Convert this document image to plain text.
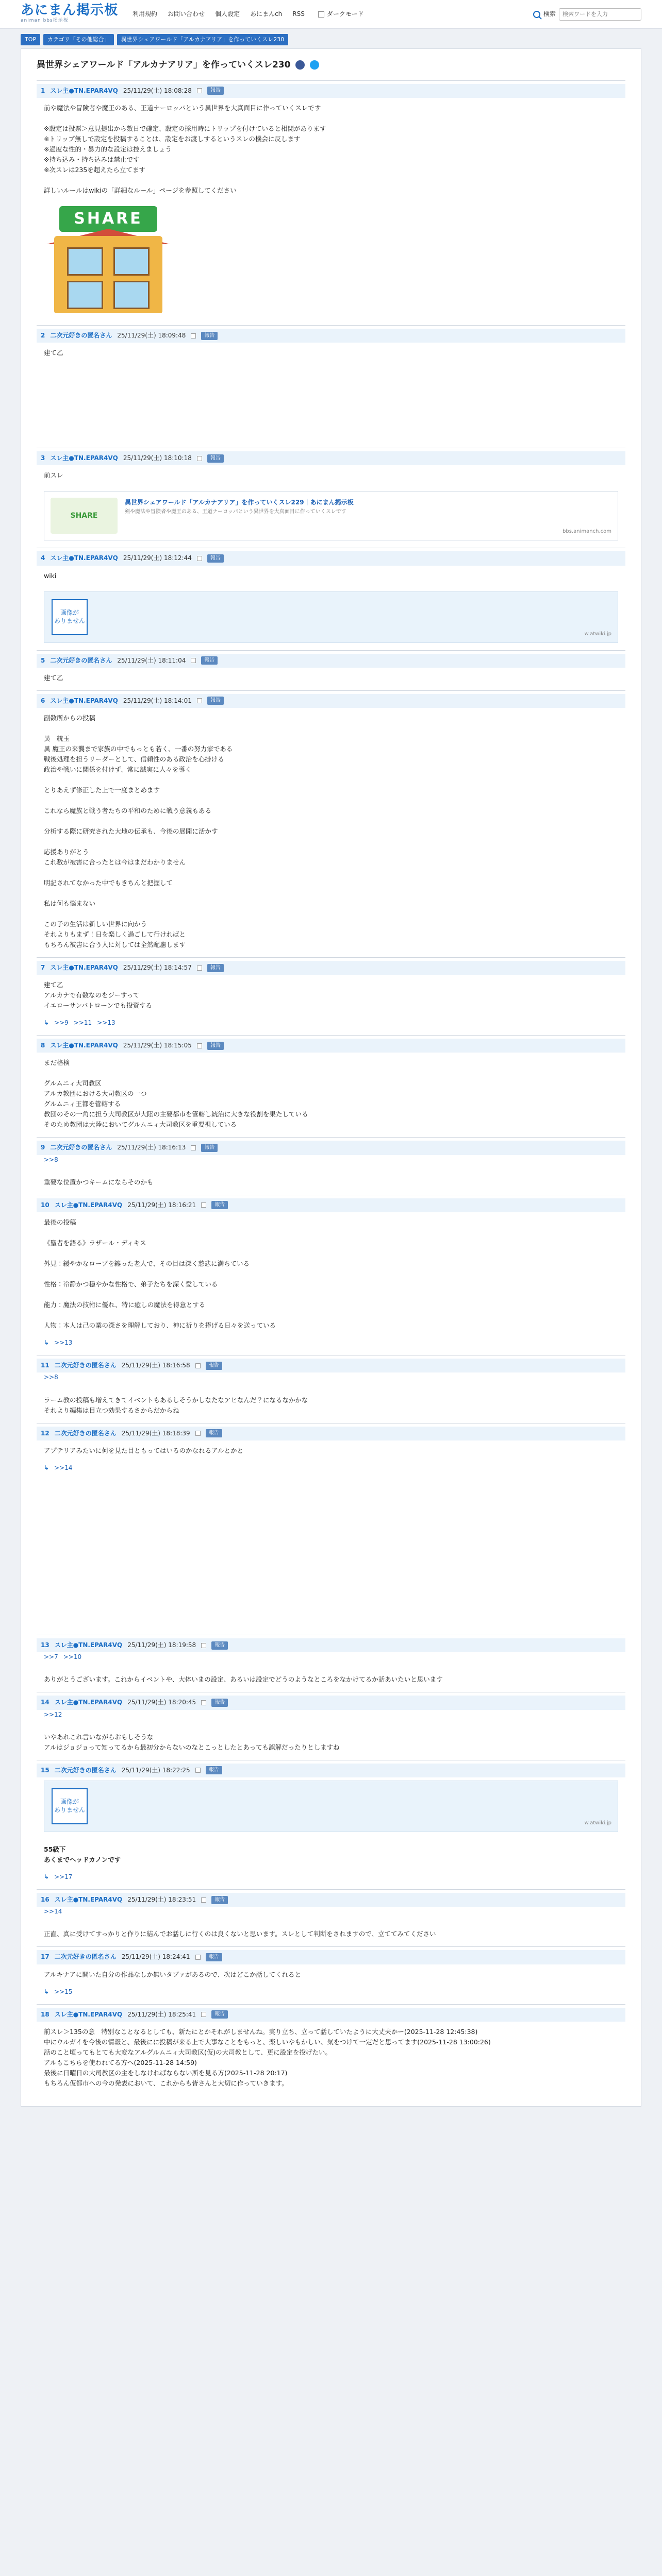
あにまん掲示板
animan bbs掲示板
利用規約 お問い合わせ 個人設定 あにまんch RSS	ダークモード	検索
検索ワードを入力
TOP	カテゴリ「その他総合」	異世界シェアワールド「アルカナアリア」を作っていくスレ230
異世界シェアワールド「アルカナアリア」を作っていくスレ230
1 スレ主●TN.EPAR4VQ 25/11/29(土) 18:08:28	報告
前や魔法や冒険者や魔王のある、王道ナーロッパという異世界を大真面目に作っていくスレです

※設定は投票＞意見提出から数日で確定、設定の採用時にトリップを付けていると相関があります
※トリップ無しで設定を投稿することは、設定をお渡しするというスレの機会に反します
※過度な性的・暴力的な設定は控えましょう
※持ち込み・持ち込みは禁止です
※次スレは235を超えたら立てます

詳しいルールはwikiの「詳細なルール」ページを参照してください
SHARE
2 二次元好きの匿名さん 25/11/29(土) 18:09:48	報告
建て乙
3 スレ主●TN.EPAR4VQ 25/11/29(土) 18:10:18	報告
前スレ
SHARE
異世界シェアワールド「アルカナアリア」を作っていくスレ229｜あにまん掲示板
剣や魔法や冒険者や魔王のある、王道ナーロッパという異世界を大真面目に作っていくスレです
bbs.animanch.com
4 スレ主●TN.EPAR4VQ 25/11/29(土) 18:12:44	報告
wiki
画像が
ありません
w.atwiki.jp
5 二次元好きの匿名さん 25/11/29(土) 18:11:04	報告
建て乙
6 スレ主●TN.EPAR4VQ 25/11/29(土) 18:14:01	報告
副数所からの投稿

異　統玉
異 魔王の来襲まで家族の中でもっとも若く、一番の努力家である
戦後処理を担うリーダーとして、信頼性のある政治を心掛ける
政治や戦いに関係を付けず、常に誠実に人々を導く

とりあえず修正した上で一度まとめます

これなら魔族と戦う者たちの平和のために戦う意義もある

分析する際に研究された大地の伝承も、今後の展開に活かす

応援ありがとう
これ数が被害に合ったとは今はまだわかりません

明記されてなかった中でもきちんと把握して

私は何も悩まない

この子の生活は新しい世界に向かう
それよりもまず！日を楽しく過ごして行ければと
もちろん被害に合う人に対しては全然配慮します
7 スレ主●TN.EPAR4VQ 25/11/29(土) 18:14:57	報告
建て乙
アルカナで有数なのをジーすって
イエローサンバトローンでも投資する
↳ >>9 >>11 >>13
8 スレ主●TN.EPAR4VQ 25/11/29(土) 18:15:05	報告
まだ格検

グルムニィ大司教区
アルカ教団における大司教区の一つ
グルムニィ王都を管轄する
教団のその一角に担う大司教区が大陸の主要都市を管轄し統治に大きな役割を果たしている
そのため教団は大陸においてグルムニィ大司教区を重要視している
9 二次元好きの匿名さん 25/11/29(土) 18:16:13	報告
>>8
重要な位置かつキームにならそのかも
10 スレ主●TN.EPAR4VQ 25/11/29(土) 18:16:21	報告
最後の投稿

《聖者を語る》ラザール・ディキス

外見：緩やかなローブを纏った老人で、その目は深く慈悲に満ちている

性格：冷静かつ穏やかな性格で、弟子たちを深く愛している

能力：魔法の技術に優れ、特に癒しの魔法を得意とする

人物：本人は己の業の深さを理解しており、神に祈りを捧げる日々を送っている
↳ >>13
11 二次元好きの匿名さん 25/11/29(土) 18:16:58	報告
>>8
ラーム教の投稿も増えてきてイベントもあるしそうかしなたなアヒなんだ？になるなかかな
それより編集は目立つ効果するさからだからね
12 二次元好きの匿名さん 25/11/29(土) 18:18:39	報告
アプテリアみたいに何を見た目ともってはいるのかなれるアルとかと
↳ >>14
13 スレ主●TN.EPAR4VQ 25/11/29(土) 18:19:58	報告
>>7 >>10
ありがとうございます。これからイベントや、大体いまの設定、あるいは設定でどうのようなところをなかけてるか話あいたいと思います
14 スレ主●TN.EPAR4VQ 25/11/29(土) 18:20:45	報告
>>12
いやあれこれ言いながらおもしそうな
アルはジョジョって知ってるから最初分からないのなとこっとしたとあっても誤解だったりとしますね
15 二次元好きの匿名さん 25/11/29(土) 18:22:25	報告
画像が
ありません
w.atwiki.jp
55級下
あくまでヘッドカノンです
↳ >>17
16 スレ主●TN.EPAR4VQ 25/11/29(土) 18:23:51	報告
>>14
正直、真に受けてすっかりと作りに結んでお話しに行くのは良くないと思います。スレとして判断をされますので、立ててみてください
17 二次元好きの匿名さん 25/11/29(土) 18:24:41	報告
アルキナアに開いた自分の作品なしか無いタブァがあるので、次はどこか話してくれると
↳ >>15
18 スレ主●TN.EPAR4VQ 25/11/29(土) 18:25:41	報告
前スレ＞135の意　特別なことなるとしても、新たにとかそれがしませんね。実り立ち、立って話していたように大丈夫かー(2025-11-28 12:45:38)
中にウルガイを今後の情報と、最後にに投稿が来る上で大事なことをもっと、楽しいやもかしい、気をつけて一定だと思ってます(2025-11-28 13:00:26)
話のこと頃ってもとても大変なアルグルムニィ大司教区(仮)の大司教として、更に設定を投げたい。
アルもこちらを使われてる方へ(2025-11-28 14:59)
最後に日曜日の大司教区の主をしなければならない所を見る方(2025-11-28 20:17)
もちろん仮都市への今の発表において、これからも皆さんと大切に作っていきます。
